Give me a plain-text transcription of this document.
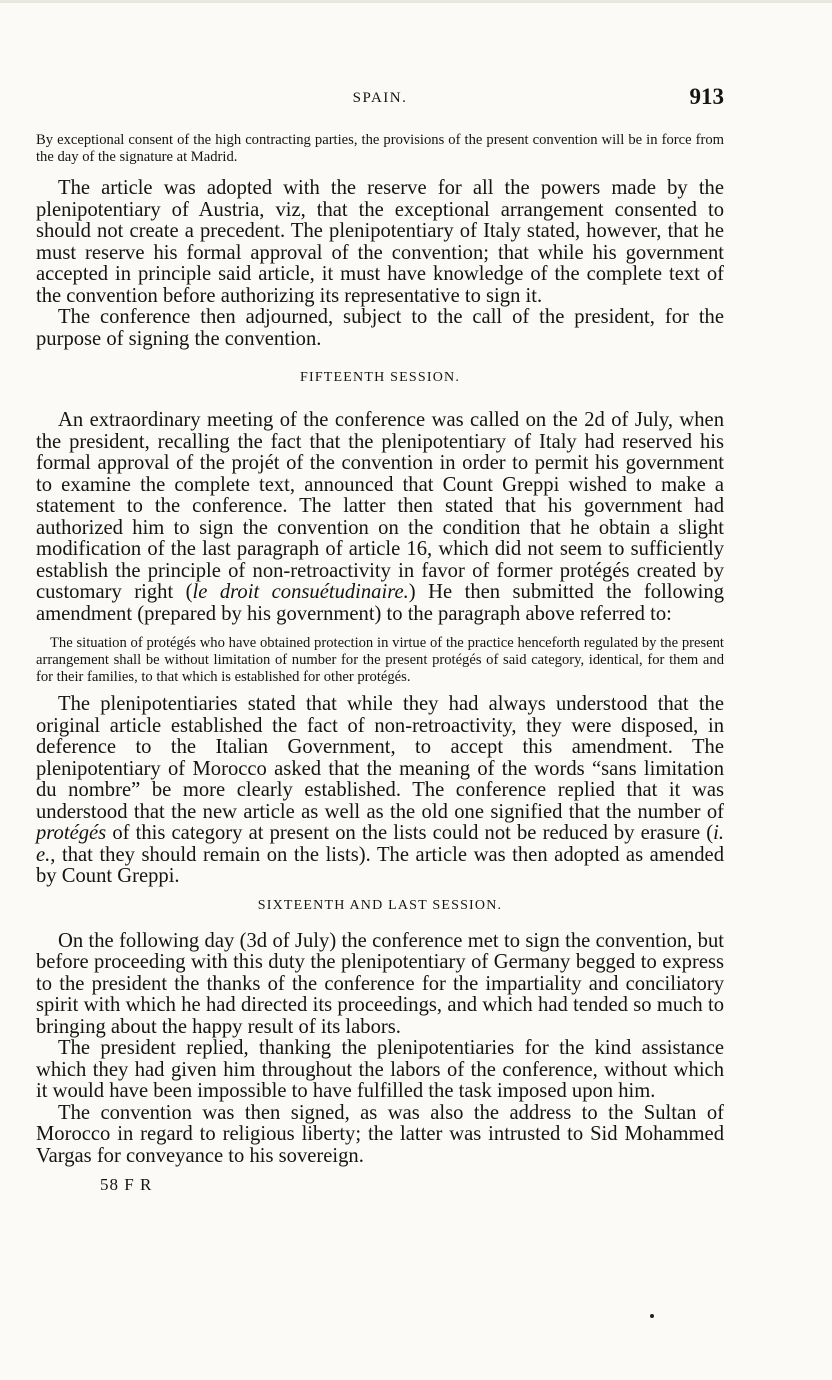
SPAIN.	913

By exceptional consent of the high contracting parties, the provisions of the present convention will be in force from the day of the signature at Madrid.

The article was adopted with the reserve for all the powers made by the plenipotentiary of Austria, viz, that the exceptional arrangement consented to should not create a precedent. The plenipotentiary of Italy stated, however, that he must reserve his formal approval of the convention; that while his government accepted in principle said article, it must have knowledge of the complete text of the convention before authorizing its representative to sign it.

The conference then adjourned, subject to the call of the president, for the purpose of signing the convention.

FIFTEENTH SESSION.

An extraordinary meeting of the conference was called on the 2d of July, when the president, recalling the fact that the plenipotentiary of Italy had reserved his formal approval of the projét of the convention in order to permit his government to examine the complete text, announced that Count Greppi wished to make a statement to the conference. The latter then stated that his government had authorized him to sign the convention on the condition that he obtain a slight modification of the last paragraph of article 16, which did not seem to sufficiently establish the principle of non-retroactivity in favor of former protégés created by customary right (le droit consuétudinaire.) He then submitted the following amendment (prepared by his government) to the paragraph above referred to:

The situation of protégés who have obtained protection in virtue of the practice henceforth regulated by the present arrangement shall be without limitation of number for the present protégés of said category, identical, for them and for their families, to that which is established for other protégés.

The plenipotentiaries stated that while they had always understood that the original article established the fact of non-retroactivity, they were disposed, in deference to the Italian Government, to accept this amendment. The plenipotentiary of Morocco asked that the meaning of the words “sans limitation du nombre” be more clearly established. The conference replied that it was understood that the new article as well as the old one signified that the number of protégés of this category at present on the lists could not be reduced by erasure (i. e., that they should remain on the lists). The article was then adopted as amended by Count Greppi.

SIXTEENTH AND LAST SESSION.

On the following day (3d of July) the conference met to sign the convention, but before proceeding with this duty the plenipotentiary of Germany begged to express to the president the thanks of the conference for the impartiality and conciliatory spirit with which he had directed its proceedings, and which had tended so much to bringing about the happy result of its labors.

The president replied, thanking the plenipotentiaries for the kind assistance which they had given him throughout the labors of the conference, without which it would have been impossible to have fulfilled the task imposed upon him.

The convention was then signed, as was also the address to the Sultan of Morocco in regard to religious liberty; the latter was intrusted to Sid Mohammed Vargas for conveyance to his sovereign.

58 F R
